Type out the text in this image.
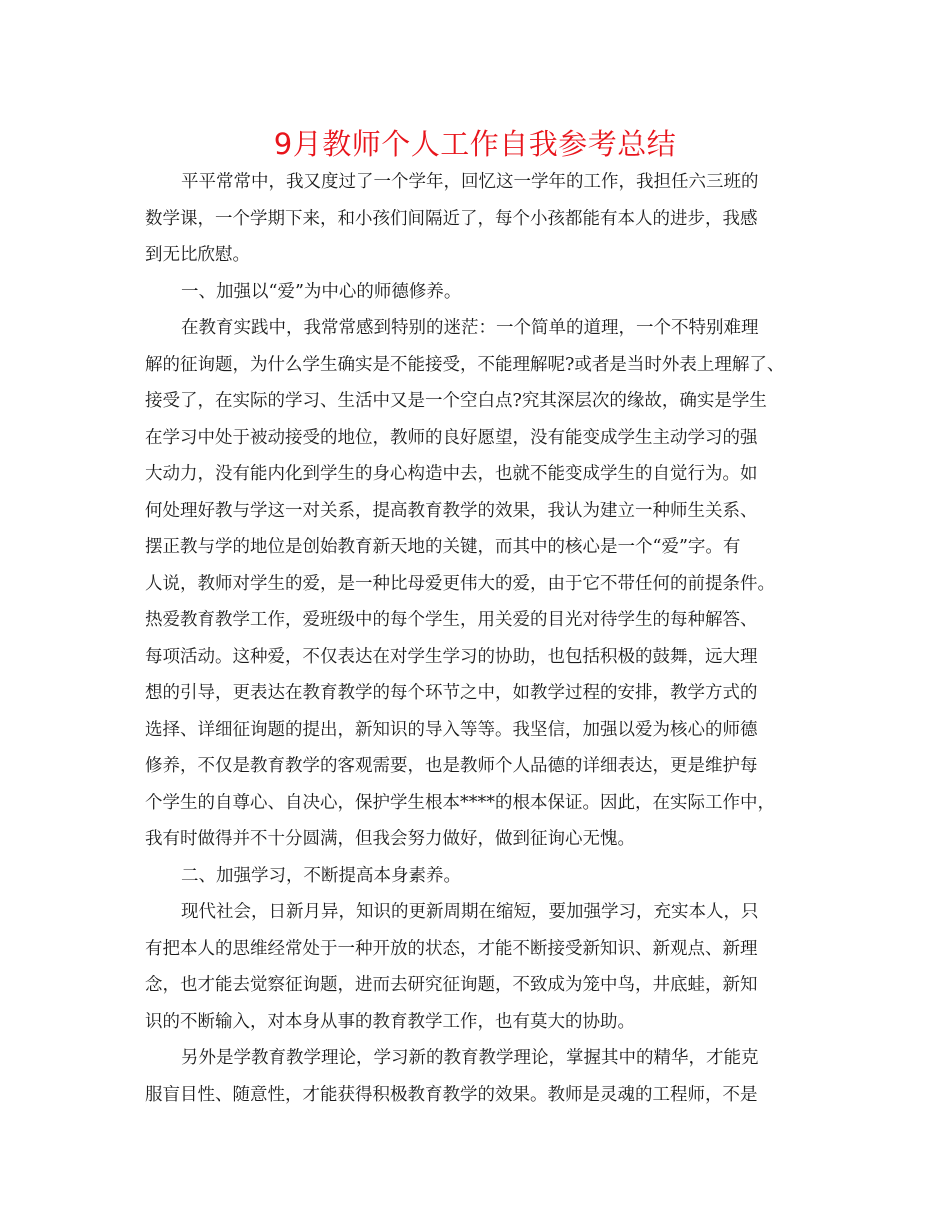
9月教师个人工作自我参考总结
平平常常中，我又度过了一个学年，回忆这一学年的工作，我担任六三班的
数学课，一个学期下来，和小孩们间隔近了，每个小孩都能有本人的进步，我感
到无比欣慰。
一、加强以“爱”为中心的师德修养。
在教育实践中，我常常感到特别的迷茫：一个简单的道理，一个不特别难理
解的征询题，为什么学生确实是不能接受，不能理解呢?或者是当时外表上理解了、
接受了，在实际的学习、生活中又是一个空白点?究其深层次的缘故，确实是学生
在学习中处于被动接受的地位，教师的良好愿望，没有能变成学生主动学习的强
大动力，没有能内化到学生的身心构造中去，也就不能变成学生的自觉行为。如
何处理好教与学这一对关系，提高教育教学的效果，我认为建立一种师生关系、
摆正教与学的地位是创始教育新天地的关键，而其中的核心是一个“爱”字。有
人说，教师对学生的爱，是一种比母爱更伟大的爱，由于它不带任何的前提条件。
热爱教育教学工作，爱班级中的每个学生，用关爱的目光对待学生的每种解答、
每项活动。这种爱，不仅表达在对学生学习的协助，也包括积极的鼓舞，远大理
想的引导，更表达在教育教学的每个环节之中，如教学过程的安排，教学方式的
选择、详细征询题的提出，新知识的导入等等。我坚信，加强以爱为核心的师德
修养，不仅是教育教学的客观需要，也是教师个人品德的详细表达，更是维护每
个学生的自尊心、自决心，保护学生根本****的根本保证。因此，在实际工作中，
我有时做得并不十分圆满，但我会努力做好，做到征询心无愧。
二、加强学习，不断提高本身素养。
现代社会，日新月异，知识的更新周期在缩短，要加强学习，充实本人，只
有把本人的思维经常处于一种开放的状态，才能不断接受新知识、新观点、新理
念，也才能去觉察征询题，进而去研究征询题，不致成为笼中鸟，井底蛙，新知
识的不断输入，对本身从事的教育教学工作，也有莫大的协助。
另外是学教育教学理论，学习新的教育教学理论，掌握其中的精华，才能克
服盲目性、随意性，才能获得积极教育教学的效果。教师是灵魂的工程师，不是
